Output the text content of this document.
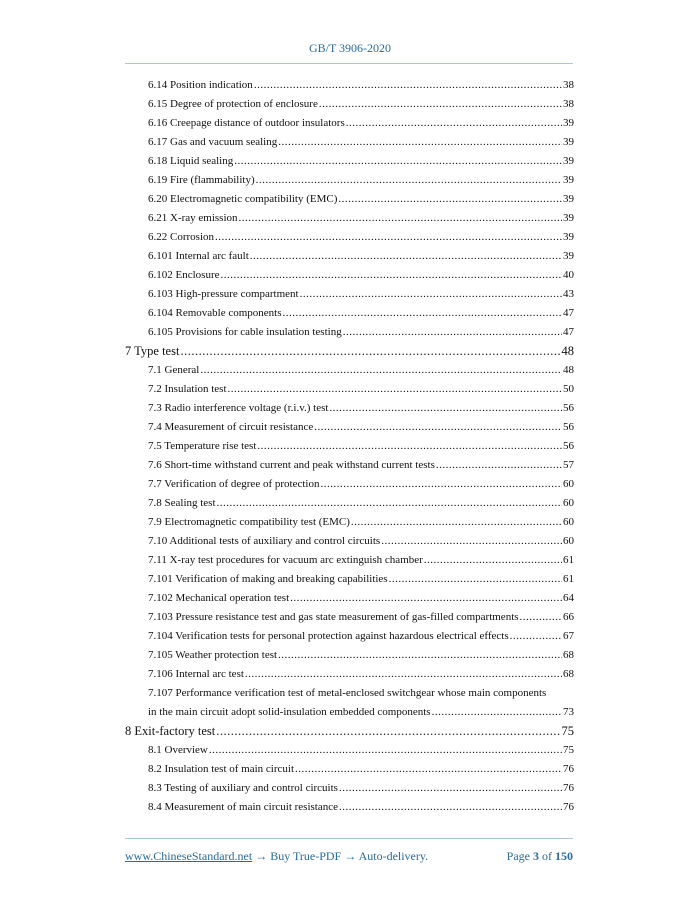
GB/T 3906-2020
6.14 Position indication .....	38
6.15 Degree of protection of enclosure .....	38
6.16 Creepage distance of outdoor insulators .....	39
6.17 Gas and vacuum sealing .....	39
6.18 Liquid sealing .....	39
6.19 Fire (flammability) .....	39
6.20 Electromagnetic compatibility (EMC) .....	39
6.21 X-ray emission .....	39
6.22 Corrosion .....	39
6.101 Internal arc fault .....	39
6.102 Enclosure .....	40
6.103 High-pressure compartment .....	43
6.104 Removable components .....	47
6.105 Provisions for cable insulation testing .....	47
7 Type test .....	48
7.1 General .....	48
7.2 Insulation test .....	50
7.3 Radio interference voltage (r.i.v.) test .....	56
7.4 Measurement of circuit resistance .....	56
7.5 Temperature rise test .....	56
7.6 Short-time withstand current and peak withstand current tests .....	57
7.7 Verification of degree of protection .....	60
7.8 Sealing test .....	60
7.9 Electromagnetic compatibility test (EMC) .....	60
7.10 Additional tests of auxiliary and control circuits .....	60
7.11 X-ray test procedures for vacuum arc extinguish chamber .....	61
7.101 Verification of making and breaking capabilities .....	61
7.102 Mechanical operation test .....	64
7.103 Pressure resistance test and gas state measurement of gas-filled compartments .....	66
7.104 Verification tests for personal protection against hazardous electrical effects .....	67
7.105 Weather protection test .....	68
7.106 Internal arc test .....	68
7.107 Performance verification test of metal-enclosed switchgear whose main components
in the main circuit adopt solid-insulation embedded components .....	73
8 Exit-factory test .....	75
8.1 Overview .....	75
8.2 Insulation test of main circuit .....	76
8.3 Testing of auxiliary and control circuits .....	76
8.4 Measurement of main circuit resistance .....	76
www.ChineseStandard.net → Buy True-PDF → Auto-delivery.	Page 3 of 150
